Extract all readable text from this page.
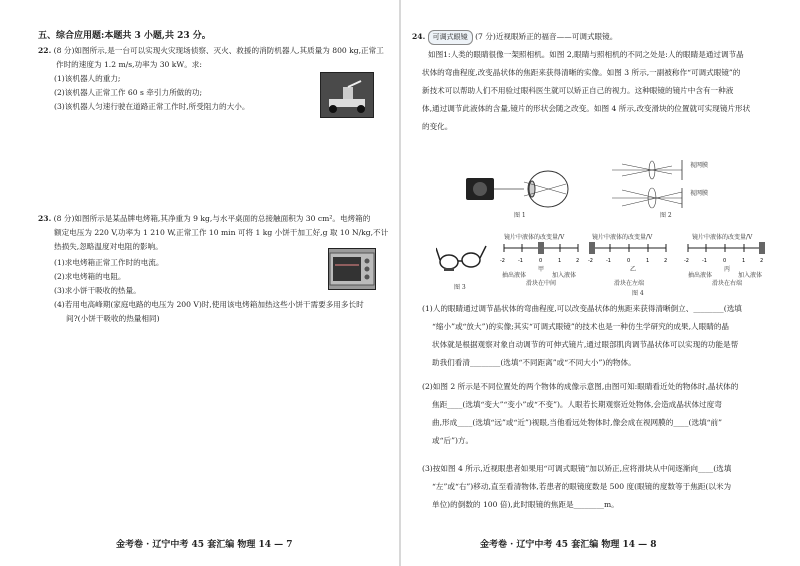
五、综合应用题:本题共 3 小题,共 23 分。
22. (8 分)如图所示,是一台可以实现火灾现场侦察、灭火、救援的消防机器人,其质量为 800 kg,正常工
作时的速度为 1.2 m/s,功率为 30 kW。求:
(1)该机器人的重力;
(2)该机器人正常工作 60 s 牵引力所做的功;
(3)该机器人匀速行驶在道路正常工作时,所受阻力的大小。
23. (8 分)如图所示是某品牌电烤箱,其净重为 9 kg,与水平桌面的总接触面积为 30 cm²。电烤箱的
额定电压为 220 V,功率为 1 210 W,正常工作 10 min 可将 1 kg 小饼干加工好,g 取 10 N/kg,不计
热损失,忽略温度对电阻的影响。
(1)求电烤箱正常工作时的电流。
(2)求电烤箱的电阻。
(3)求小饼干吸收的热量。
(4)若用电高峰期(家庭电路的电压为 200 V)时,使用该电烤箱加热这些小饼干需要多用多长时
间?(小饼干吸收的热量相同)
金考卷 · 辽宁中考 45 套汇编 物理 14 — 7
24. 可调式眼镜 (7 分)近视眼矫正的福音——可调式眼镜。
如图1:人类的眼睛很像一架照相机。如图 2,眼睛与照相机的不同之处是:人的眼睛是通过调节晶
状体的弯曲程度,改变晶状体的焦距来获得清晰的实像。如图 3 所示,一副被称作“可调式眼镜”的
新技术可以帮助人们不用验过眼科医生就可以矫正自己的视力。这种眼镜的镜片中含有一种液
体,通过调节此液体的含量,镜片的形状会随之改变。如图 4 所示,改变滑块的位置就可实现镜片形状
的变化。
图 1
视网膜
视网膜
图 2
图 3
镜片中液体的改变量/V	镜片中液体的改变量/V	镜片中液体的改变量/V
-2	-1	0	1	2 -2	-1	0	1	2	-2	-1	0	1	2
抽出液体	加入液体	抽出液体	加入液体
甲
滑块在中间
乙
滑块在左端
图 4
丙
滑块在右端
(1)人的眼睛通过调节晶状体的弯曲程度,可以改变晶状体的焦距来获得清晰倒立、________(选填
“缩小”或“放大”)的实像;其实“可调式眼镜”的技术也是一种仿生学研究的成果,人眼睛的晶
状体就是根据观察对象自动调节的可伸式镜片,通过眼部肌肉调节晶状体可以实现的功能是帮
助我们看清________(选填“不同距离”或“不同大小”)的物体。
(2)如图 2 所示是不同位置处的两个物体的成像示意图,由图可知:眼睛看近处的物体时,晶状体的
焦距____(选填“变大”“变小”或“不变”)。人眼若长期观察近处物体,会造成晶状体过度弯
曲,形成____(选填“远”或“近”)视眼,当他看远处物体时,像会成在视网膜的____(选填“前”
或“后”)方。
(3)按如图 4 所示,近视眼患者如果用“可调式眼镜”加以矫正,应将滑块从中间逐渐向____(选填
“左”或“右”)移动,直至看清物体,若患者的眼镜度数是 500 度(眼镜的度数等于焦距(以米为
单位)的倒数的 100 倍),此时眼镜的焦距是________m。
金考卷 · 辽宁中考 45 套汇编 物理 14 — 8
